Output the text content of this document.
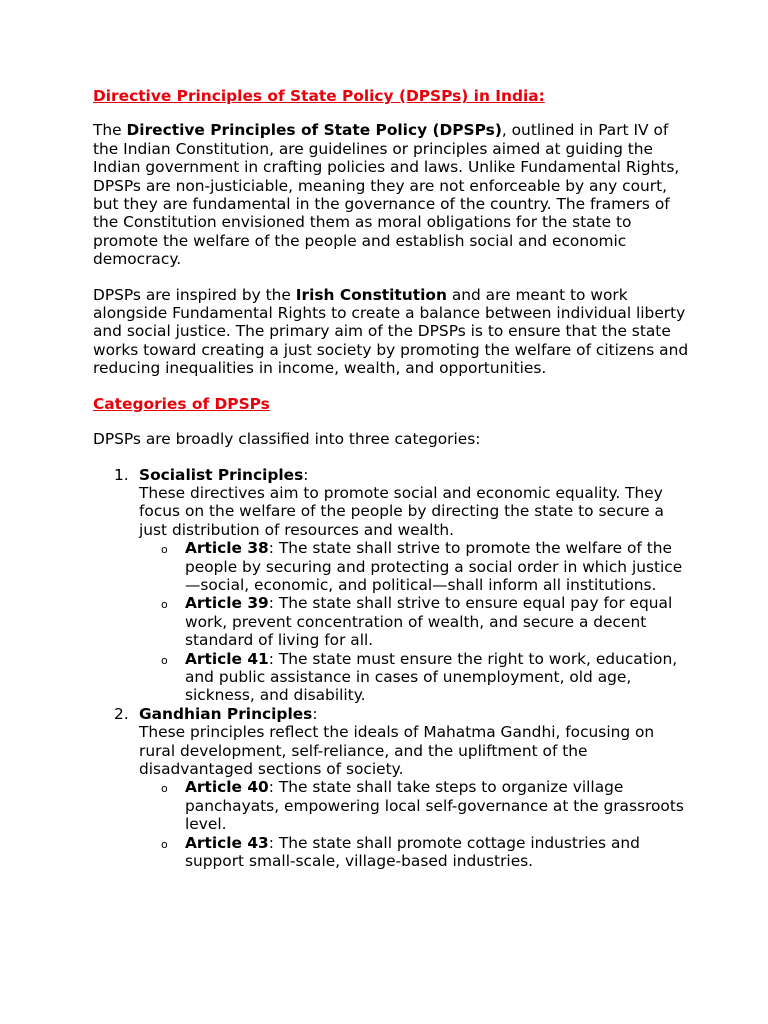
Directive Principles of State Policy (DPSPs) in India:

The Directive Principles of State Policy (DPSPs), outlined in Part IV of the Indian Constitution, are guidelines or principles aimed at guiding the Indian government in crafting policies and laws. Unlike Fundamental Rights, DPSPs are non-justiciable, meaning they are not enforceable by any court, but they are fundamental in the governance of the country. The framers of the Constitution envisioned them as moral obligations for the state to promote the welfare of the people and establish social and economic democracy.

DPSPs are inspired by the Irish Constitution and are meant to work alongside Fundamental Rights to create a balance between individual liberty and social justice. The primary aim of the DPSPs is to ensure that the state works toward creating a just society by promoting the welfare of citizens and reducing inequalities in income, wealth, and opportunities.

Categories of DPSPs

DPSPs are broadly classified into three categories:

1. Socialist Principles:
These directives aim to promote social and economic equality. They focus on the welfare of the people by directing the state to secure a just distribution of resources and wealth.
o Article 38: The state shall strive to promote the welfare of the people by securing and protecting a social order in which justice—social, economic, and political—shall inform all institutions.
o Article 39: The state shall strive to ensure equal pay for equal work, prevent concentration of wealth, and secure a decent standard of living for all.
o Article 41: The state must ensure the right to work, education, and public assistance in cases of unemployment, old age, sickness, and disability.
2. Gandhian Principles:
These principles reflect the ideals of Mahatma Gandhi, focusing on rural development, self-reliance, and the upliftment of the disadvantaged sections of society.
o Article 40: The state shall take steps to organize village panchayats, empowering local self-governance at the grassroots level.
o Article 43: The state shall promote cottage industries and support small-scale, village-based industries.
